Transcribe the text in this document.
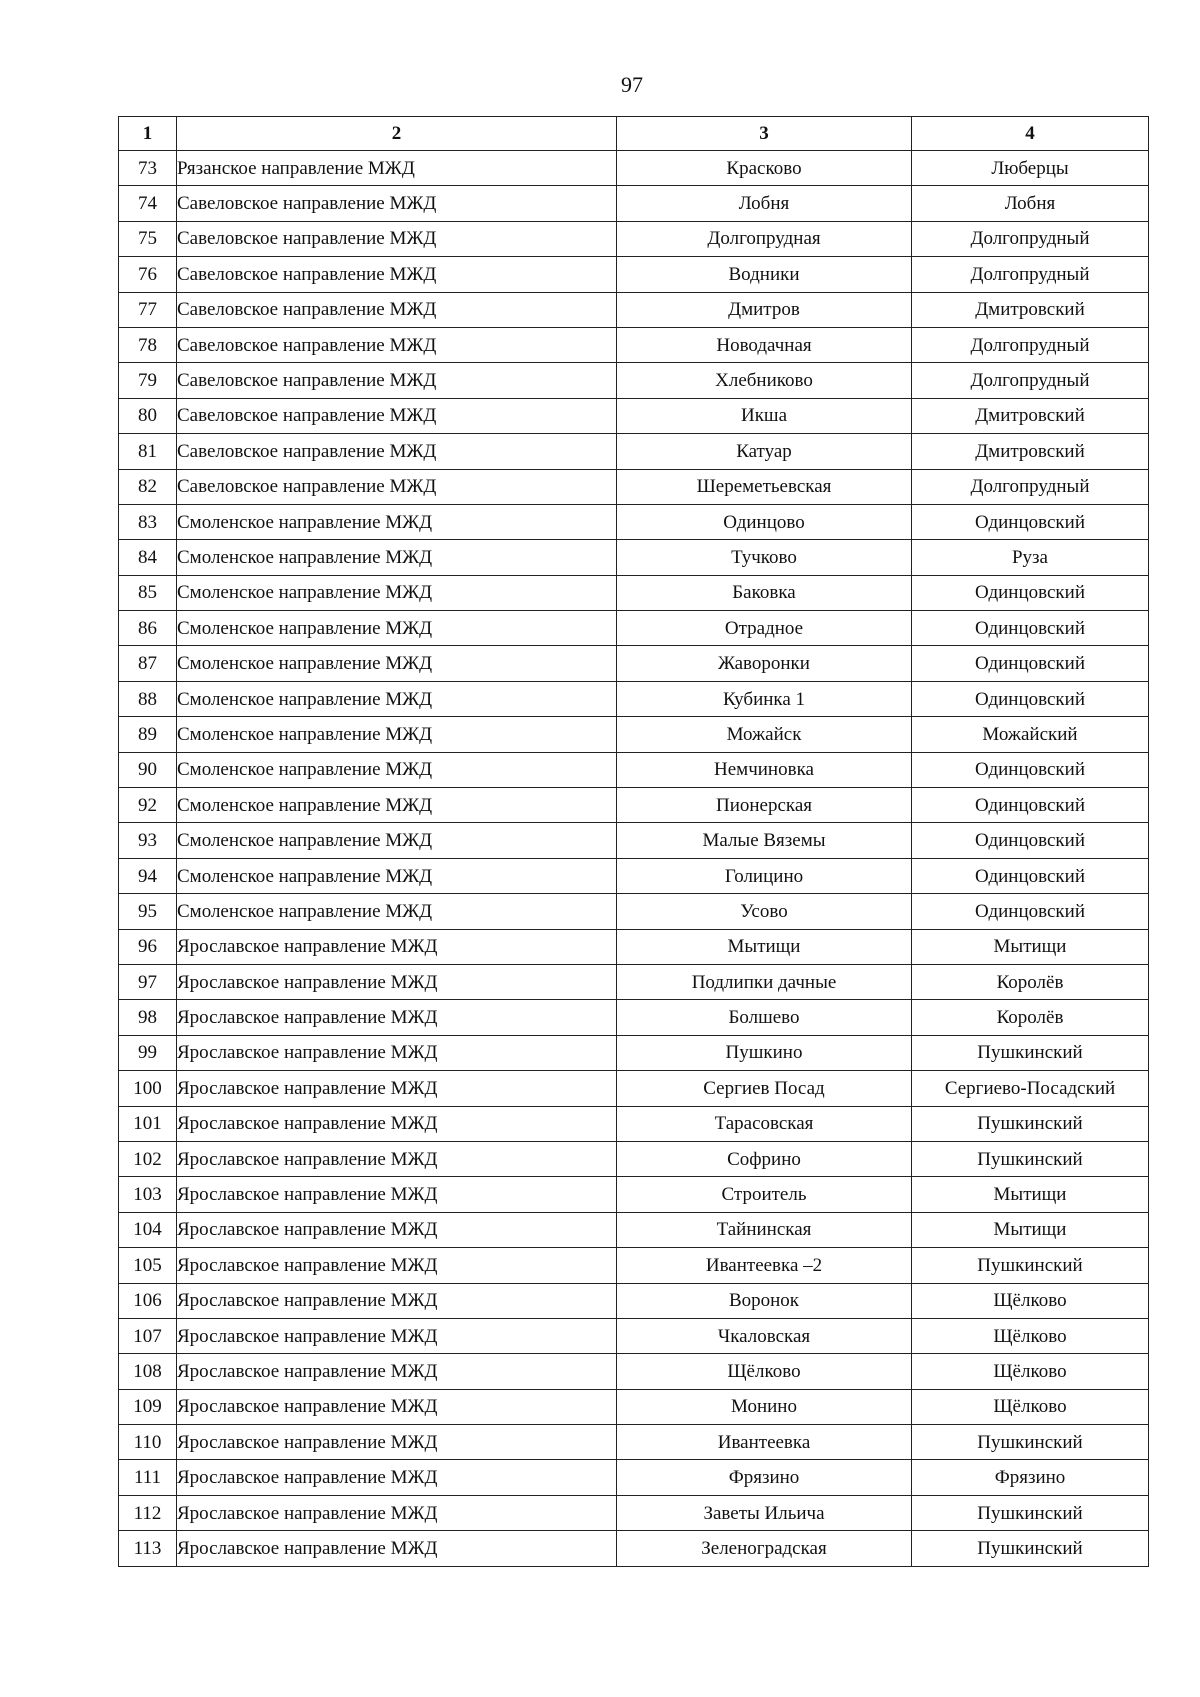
97
1	2	3	4
73	Рязанское направление МЖД	Красково	Люберцы
74	Савеловское направление МЖД	Лобня	Лобня
75	Савеловское направление МЖД	Долгопрудная	Долгопрудный
76	Савеловское направление МЖД	Водники	Долгопрудный
77	Савеловское направление МЖД	Дмитров	Дмитровский
78	Савеловское направление МЖД	Новодачная	Долгопрудный
79	Савеловское направление МЖД	Хлебниково	Долгопрудный
80	Савеловское направление МЖД	Икша	Дмитровский
81	Савеловское направление МЖД	Катуар	Дмитровский
82	Савеловское направление МЖД	Шереметьевская	Долгопрудный
83	Смоленское направление МЖД	Одинцово	Одинцовский
84	Смоленское направление МЖД	Тучково	Руза
85	Смоленское направление МЖД	Баковка	Одинцовский
86	Смоленское направление МЖД	Отрадное	Одинцовский
87	Смоленское направление МЖД	Жаворонки	Одинцовский
88	Смоленское направление МЖД	Кубинка 1	Одинцовский
89	Смоленское направление МЖД	Можайск	Можайский
90	Смоленское направление МЖД	Немчиновка	Одинцовский
92	Смоленское направление МЖД	Пионерская	Одинцовский
93	Смоленское направление МЖД	Малые Вяземы	Одинцовский
94	Смоленское направление МЖД	Голицино	Одинцовский
95	Смоленское направление МЖД	Усово	Одинцовский
96	Ярославское направление МЖД	Мытищи	Мытищи
97	Ярославское направление МЖД	Подлипки дачные	Королёв
98	Ярославское направление МЖД	Болшево	Королёв
99	Ярославское направление МЖД	Пушкино	Пушкинский
100	Ярославское направление МЖД	Сергиев Посад	Сергиево-Посадский
101	Ярославское направление МЖД	Тарасовская	Пушкинский
102	Ярославское направление МЖД	Софрино	Пушкинский
103	Ярославское направление МЖД	Строитель	Мытищи
104	Ярославское направление МЖД	Тайнинская	Мытищи
105	Ярославское направление МЖД	Ивантеевка –2	Пушкинский
106	Ярославское направление МЖД	Воронок	Щёлково
107	Ярославское направление МЖД	Чкаловская	Щёлково
108	Ярославское направление МЖД	Щёлково	Щёлково
109	Ярославское направление МЖД	Монино	Щёлково
110	Ярославское направление МЖД	Ивантеевка	Пушкинский
111	Ярославское направление МЖД	Фрязино	Фрязино
112	Ярославское направление МЖД	Заветы Ильича	Пушкинский
113	Ярославское направление МЖД	Зеленоградская	Пушкинский
